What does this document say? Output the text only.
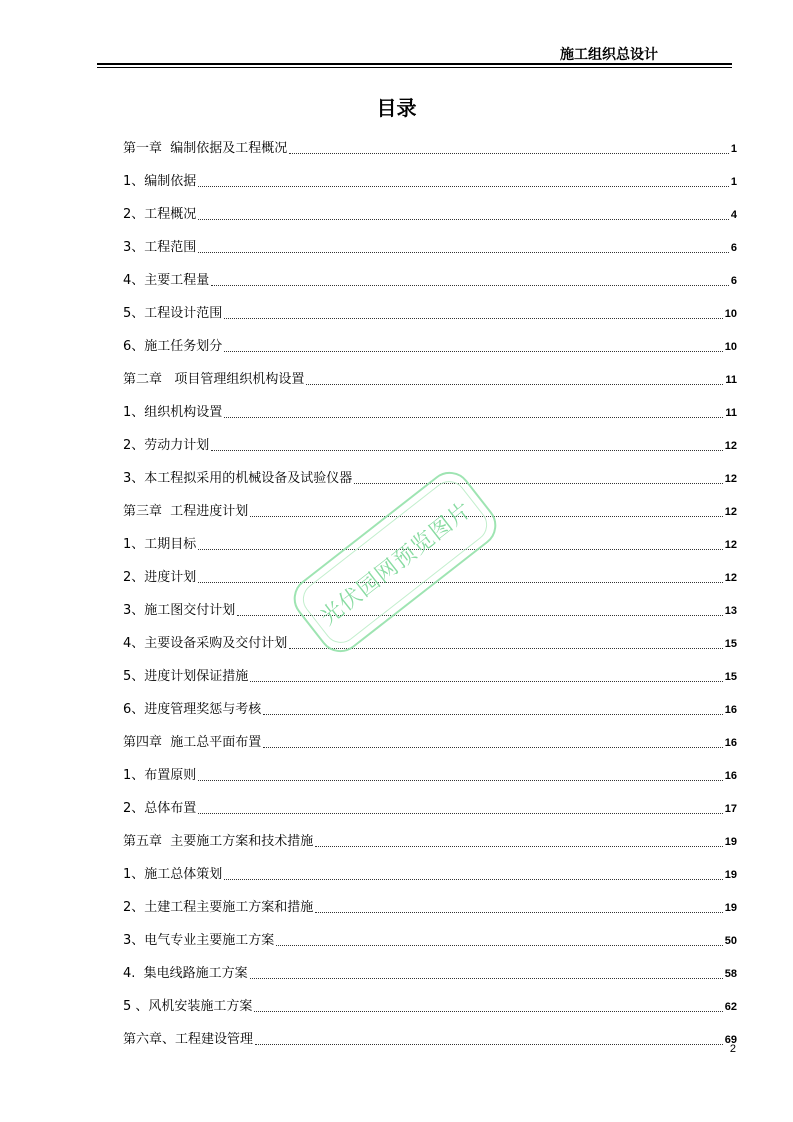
施工组织总设计
目录
第一章  编制依据及工程概况	1
1、编制依据	1
2、工程概况	4
3、工程范围	6
4、主要工程量	6
5、工程设计范围	10
6、施工任务划分	10
第二章   项目管理组织机构设置	11
1、组织机构设置	11
2、劳动力计划	12
3、本工程拟采用的机械设备及试验仪器	12
第三章  工程进度计划	12
1、工期目标	12
2、进度计划	12
3、施工图交付计划	13
4、主要设备采购及交付计划	15
5、进度计划保证措施	15
6、进度管理奖惩与考核	16
第四章  施工总平面布置	16
1、布置原则	16
2、总体布置	17
第五章  主要施工方案和技术措施	19
1、施工总体策划	19
2、土建工程主要施工方案和措施	19
3、电气专业主要施工方案	50
4.  集电线路施工方案	58
5 、风机安装施工方案	62
第六章、工程建设管理	69
2
光伏园网预览图片
